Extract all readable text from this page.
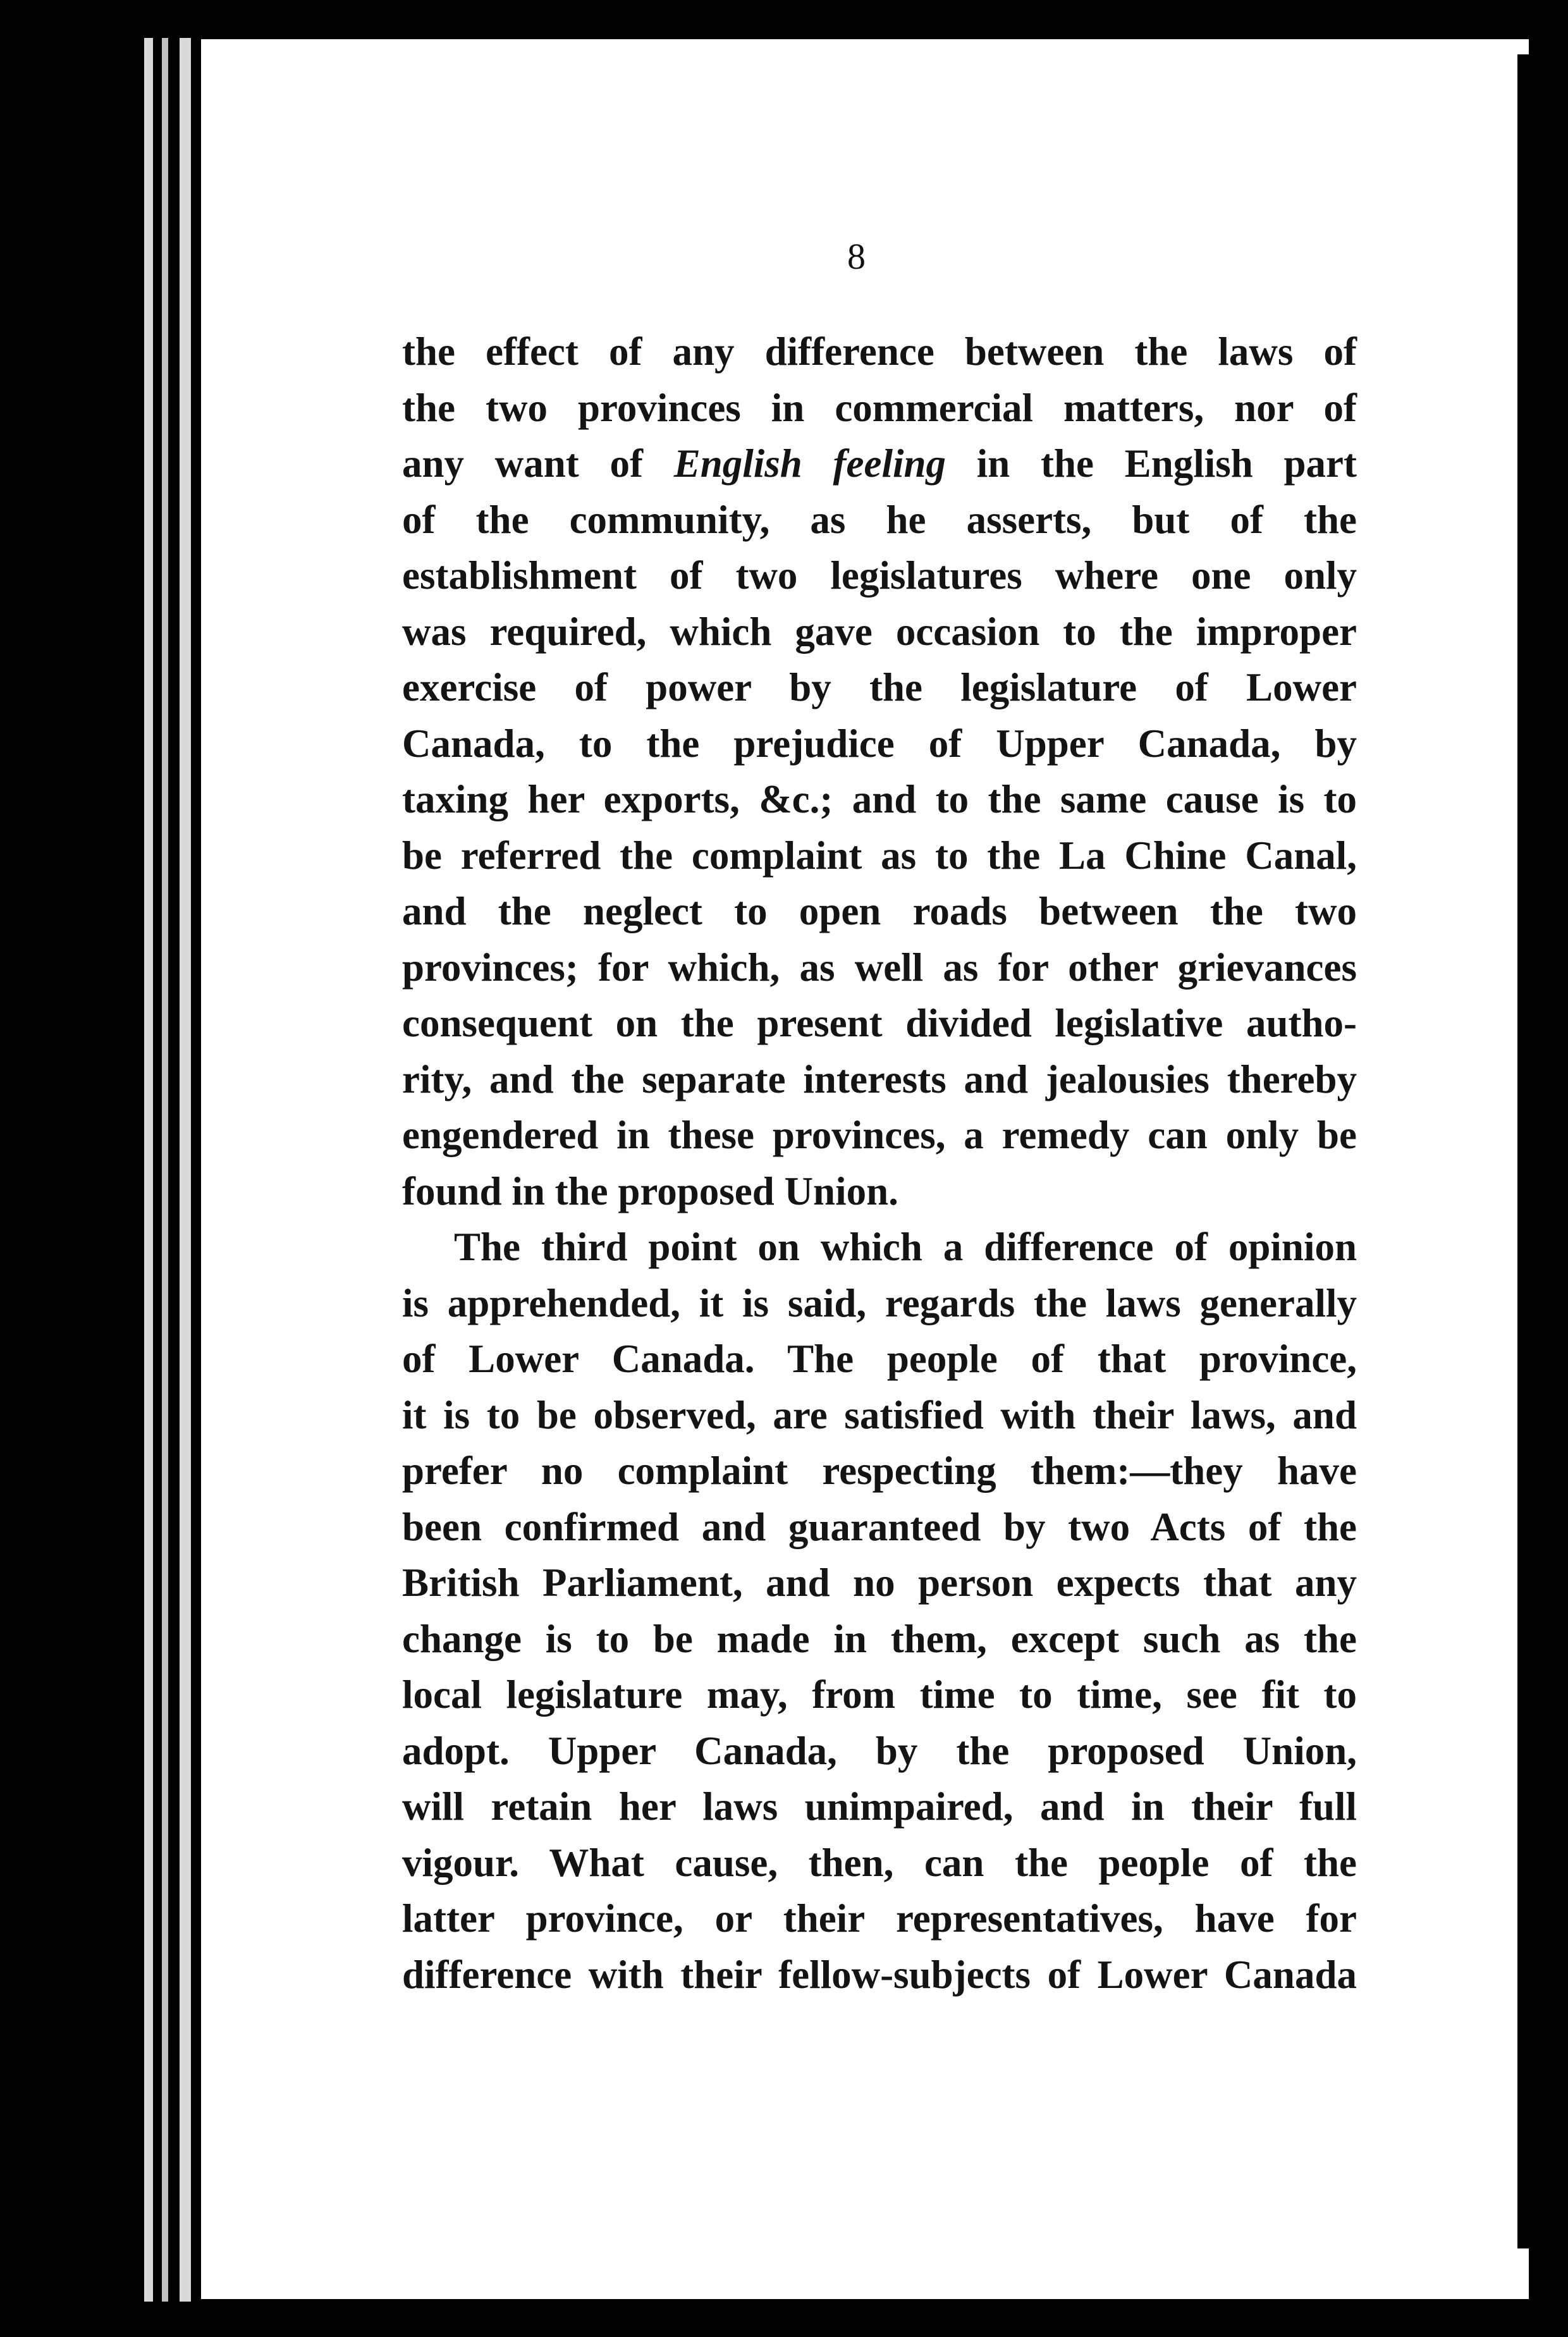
8
the effect of any difference between the laws of
the two provinces in commercial matters, nor of
any want of English feeling in the English part
of the community, as he asserts, but of the
establishment of two legislatures where one only
was required, which gave occasion to the improper
exercise of power by the legislature of Lower
Canada, to the prejudice of Upper Canada, by
taxing her exports, &c.; and to the same cause is to
be referred the complaint as to the La Chine Canal,
and the neglect to open roads between the two
provinces; for which, as well as for other grievances
consequent on the present divided legislative autho-
rity, and the separate interests and jealousies thereby
engendered in these provinces, a remedy can only be
found in the proposed Union.
The third point on which a difference of opinion
is apprehended, it is said, regards the laws generally
of Lower Canada. The people of that province,
it is to be observed, are satisfied with their laws, and
prefer no complaint respecting them:—they have
been confirmed and guaranteed by two Acts of the
British Parliament, and no person expects that any
change is to be made in them, except such as the
local legislature may, from time to time, see fit to
adopt. Upper Canada, by the proposed Union,
will retain her laws unimpaired, and in their full
vigour. What cause, then, can the people of the
latter province, or their representatives, have for
difference with their fellow-subjects of Lower Canada
